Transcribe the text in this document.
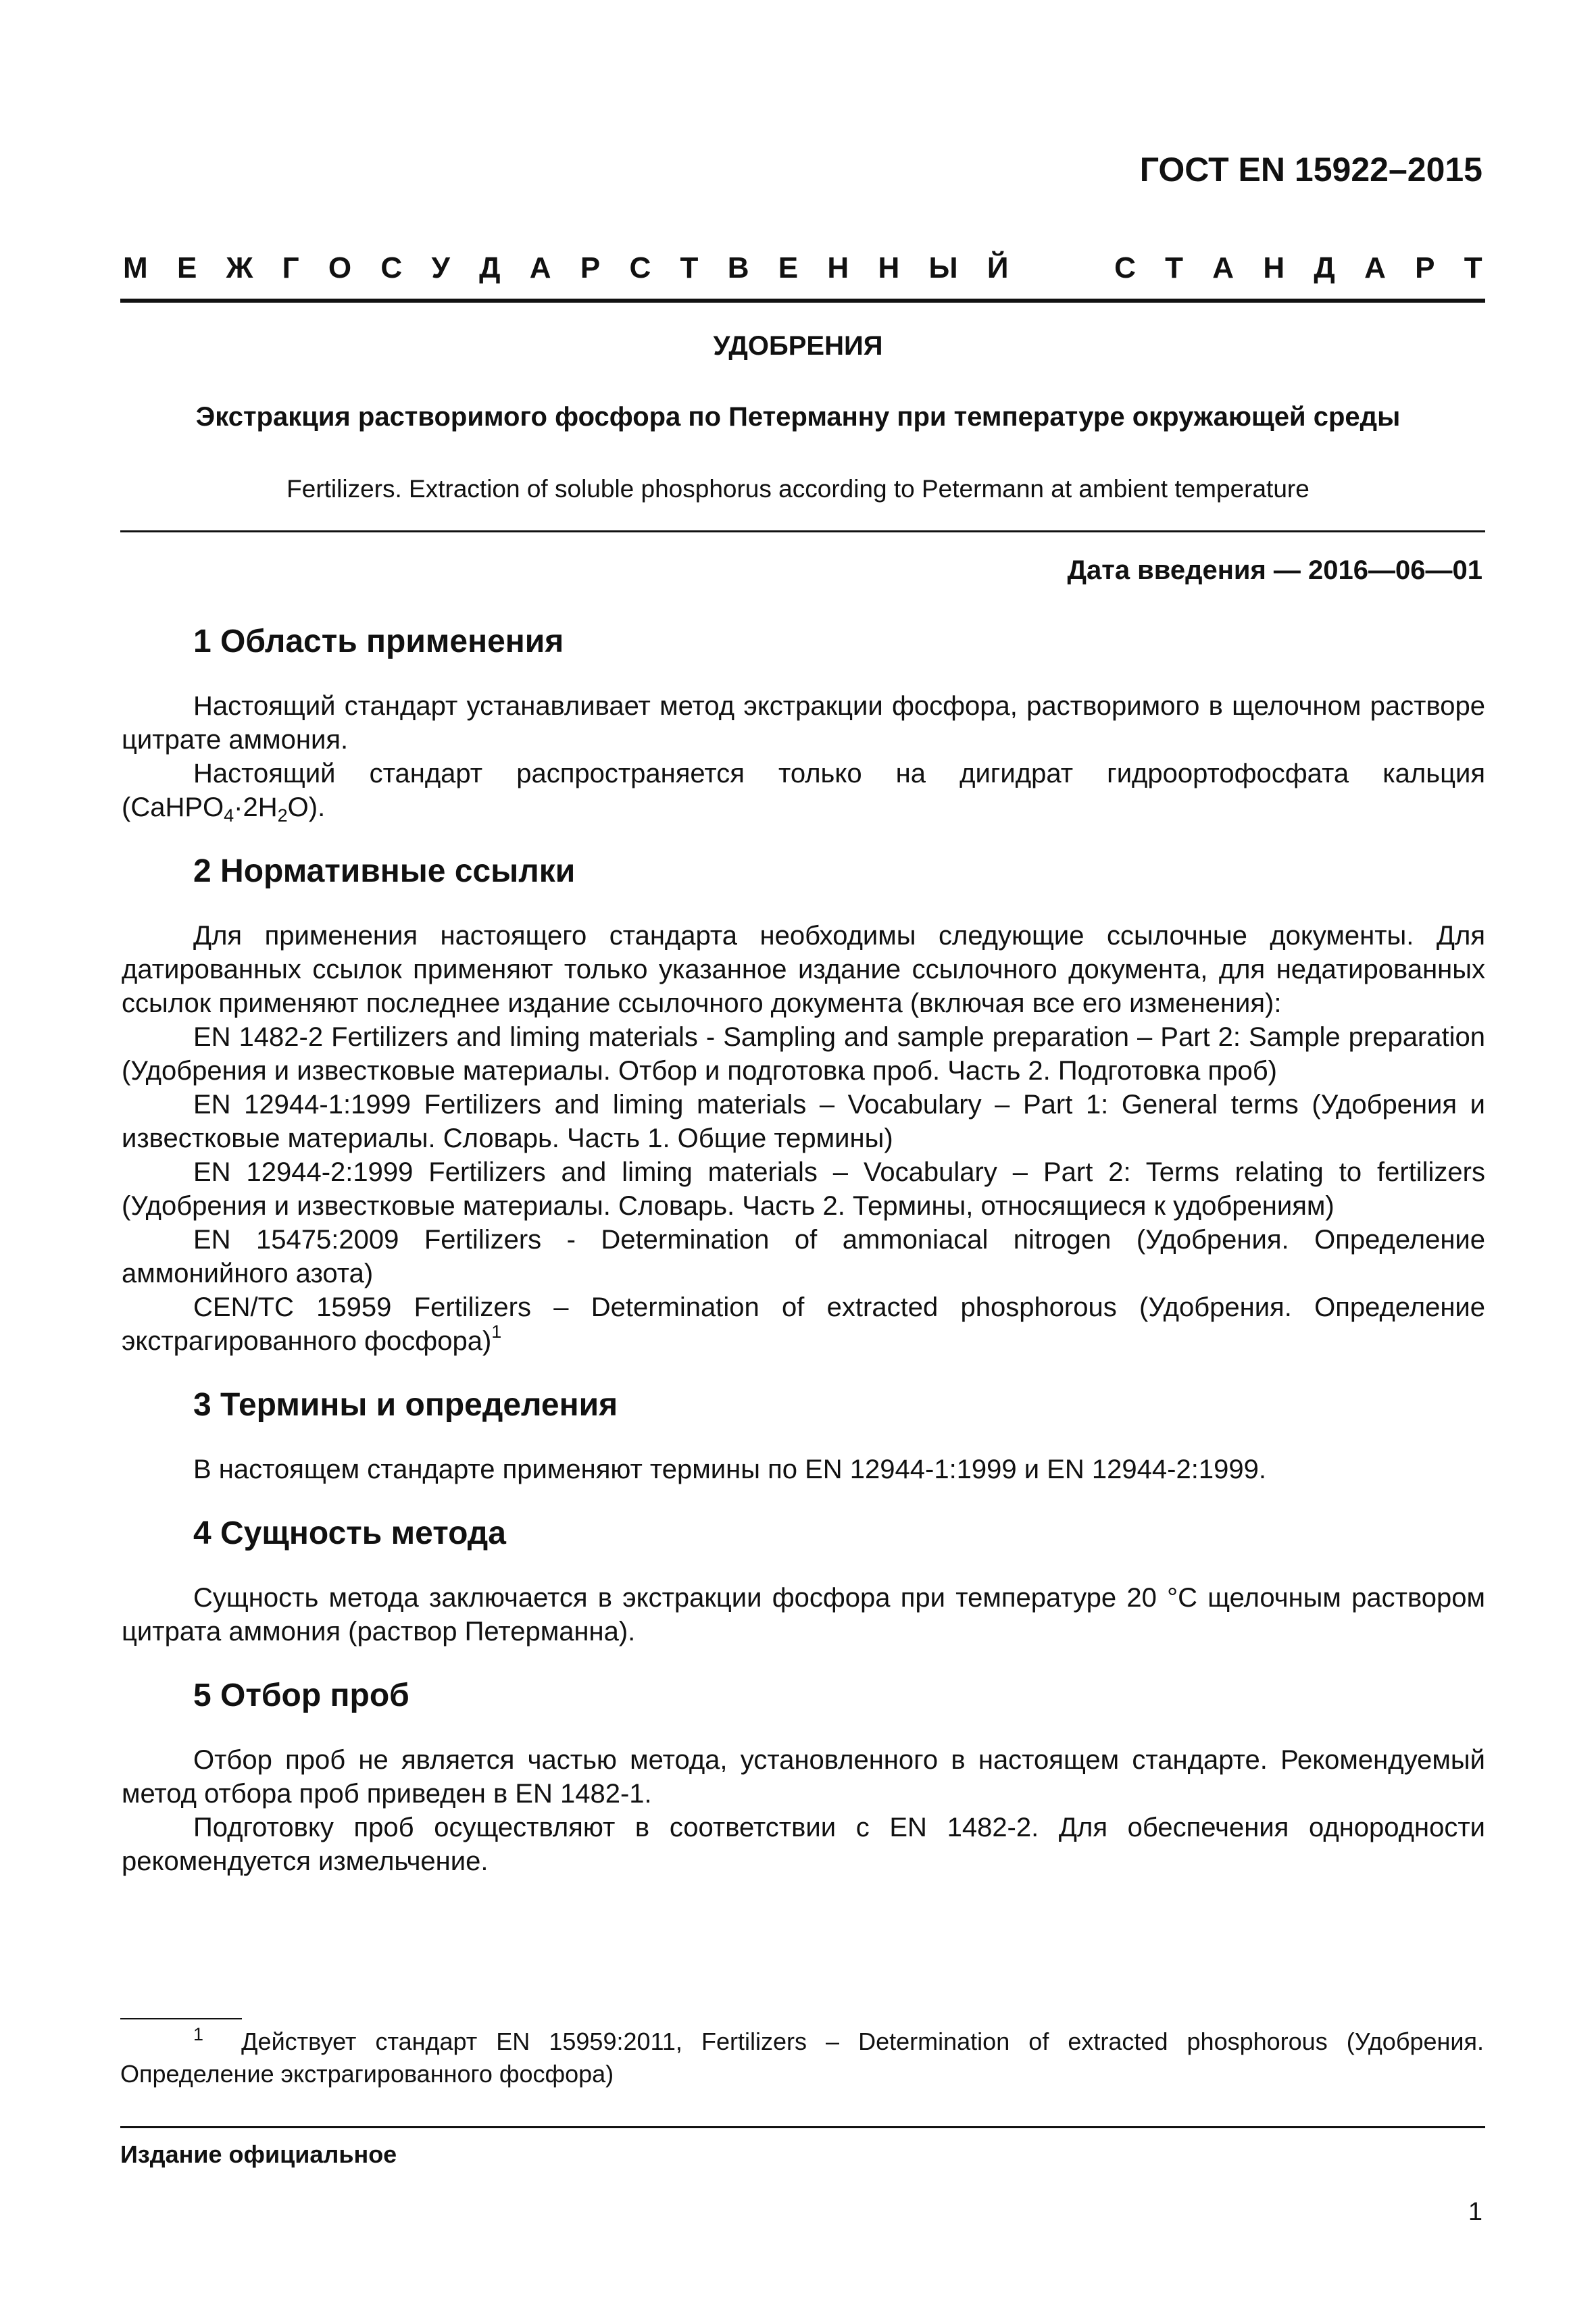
ГОСТ EN 15922–2015
М Е Ж Г О С У Д А Р С Т В Е Н Н Ы Й	С Т А Н Д А Р Т
УДОБРЕНИЯ
Экстракция растворимого фосфора по Петерманну при температуре окружающей среды
Fertilizers. Extraction of soluble phosphorus according to Petermann at ambient temperature
Дата введения — 2016—06—01
1 Область применения

Настоящий стандарт устанавливает метод экстракции фосфора, растворимого в щелочном растворе цитрате аммония.

Настоящий стандарт распространяется только на дигидрат гидроортофосфата кальция $(CaHPO_4\cdot 2H_2O)$.

2 Нормативные ссылки

Для применения настоящего стандарта необходимы следующие ссылочные документы. Для датированных ссылок применяют только указанное издание ссылочного документа, для недатированных ссылок применяют последнее издание ссылочного документа (включая все его изменения):

EN 1482-2 Fertilizers and liming materials - Sampling and sample preparation – Part 2: Sample preparation (Удобрения и известковые материалы. Отбор и подготовка проб. Часть 2. Подготовка проб)

EN 12944-1:1999 Fertilizers and liming materials – Vocabulary – Part 1: General terms (Удобрения и известковые материалы. Словарь. Часть 1. Общие термины)

EN 12944-2:1999 Fertilizers and liming materials – Vocabulary – Part 2: Terms relating to fertilizers (Удобрения и известковые материалы. Словарь. Часть 2. Термины, относящиеся к удобрениям)

EN 15475:2009 Fertilizers - Determination of ammoniacal nitrogen (Удобрения. Определение аммонийного азота)

CEN/TC 15959 Fertilizers – Determination of extracted phosphorous (Удобрения. Определение экстрагированного фосфора)$^1$

3 Термины и определения

В настоящем стандарте применяют термины по EN 12944-1:1999 и EN 12944-2:1999.

4 Сущность метода

Сущность метода заключается в экстракции фосфора при температуре 20 °С щелочным раствором цитрата аммония (раствор Петерманна).

5 Отбор проб

Отбор проб не является частью метода, установленного в настоящем стандарте. Рекомендуемый метод отбора проб приведен в EN 1482-1.

Подготовку проб осуществляют в соответствии с EN 1482-2. Для обеспечения однородности рекомендуется измельчение.

$^1$ Действует стандарт EN 15959:2011, Fertilizers – Determination of extracted phosphorous (Удобрения. Определение экстрагированного фосфора)
Издание официальное
1
